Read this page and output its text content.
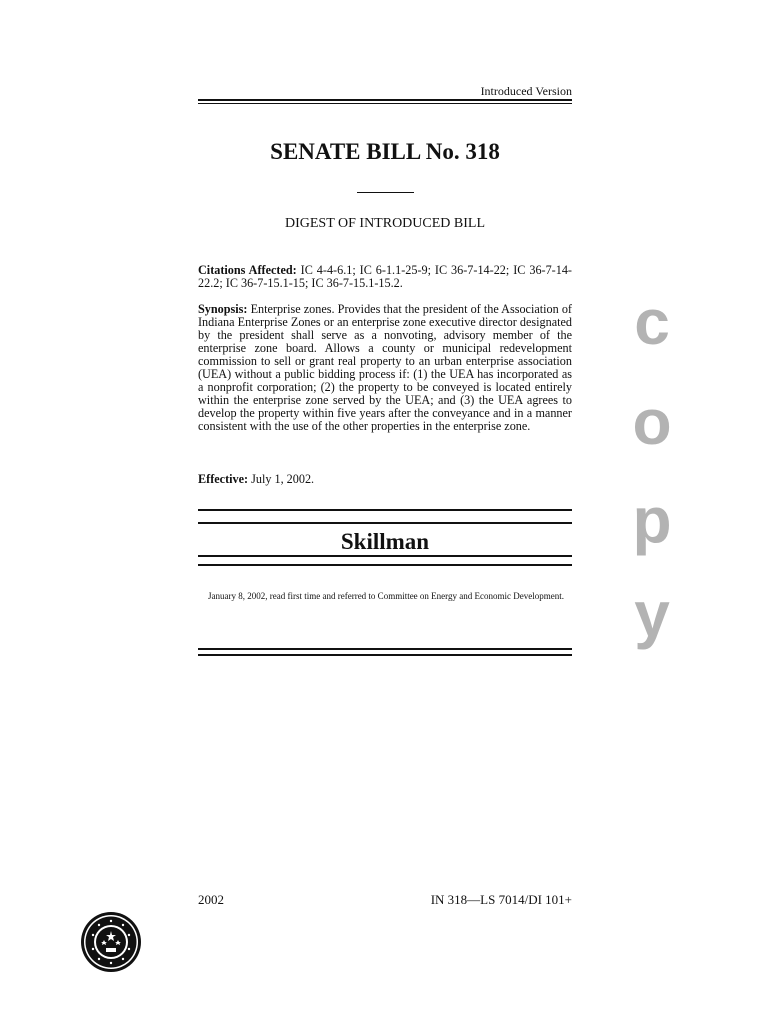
Introduced Version
SENATE BILL No. 318
DIGEST OF INTRODUCED BILL
Citations Affected: IC 4-4-6.1; IC 6-1.1-25-9; IC 36-7-14-22; IC 36-7-14-22.2; IC 36-7-15.1-15; IC 36-7-15.1-15.2.
Synopsis: Enterprise zones. Provides that the president of the Association of Indiana Enterprise Zones or an enterprise zone executive director designated by the president shall serve as a nonvoting, advisory member of the enterprise zone board. Allows a county or municipal redevelopment commission to sell or grant real property to an urban enterprise association (UEA) without a public bidding process if: (1) the UEA has incorporated as a nonprofit corporation; (2) the property to be conveyed is located entirely within the enterprise zone served by the UEA; and (3) the UEA agrees to develop the property within five years after the conveyance and in a manner consistent with the use of the other properties in the enterprise zone.
Effective: July 1, 2002.
Skillman
January 8, 2002, read first time and referred to Committee on Energy and Economic Development.
2002	IN 318—LS 7014/DI 101+
c
o
p
y
